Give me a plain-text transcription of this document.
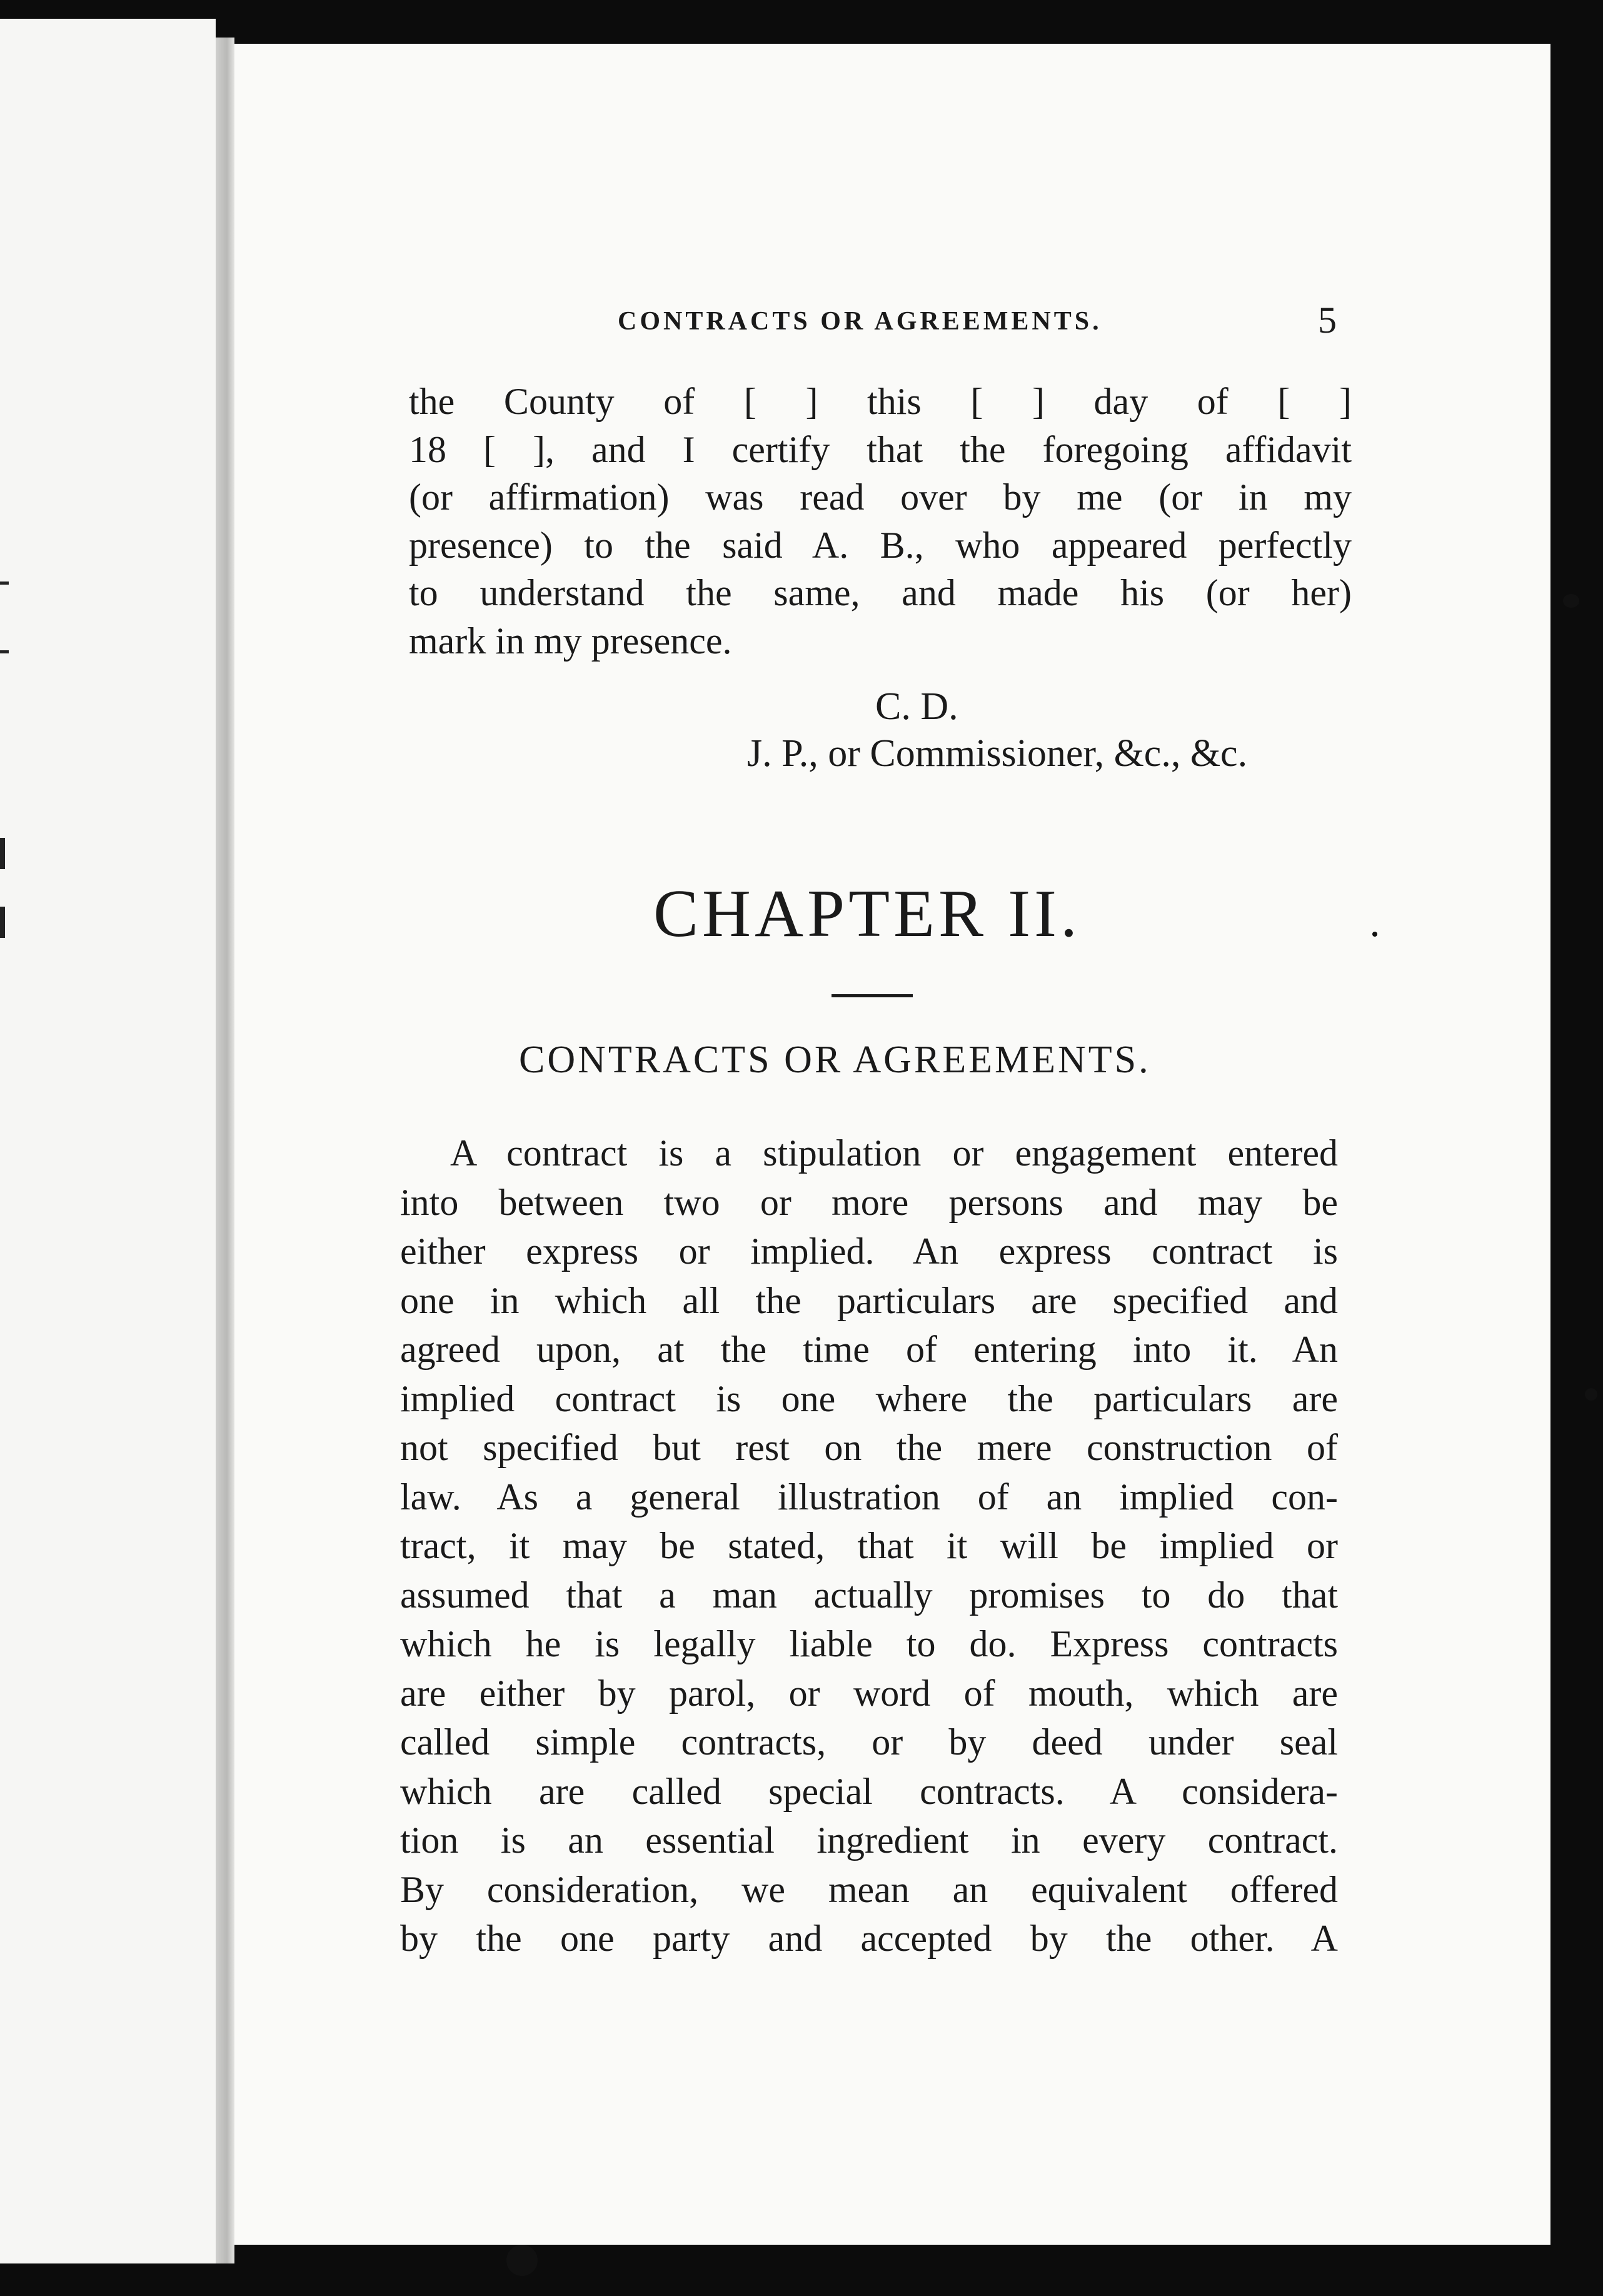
CONTRACTS OR AGREEMENTS.	5
the County of [ ] this [ ] day of [ ]
18 [ ], and I certify that the foregoing affidavit
(or affirmation) was read over by me (or in my
presence) to the said A. B., who appeared perfectly
to understand the same, and made his (or her)
mark in my presence.
C. D.
J. P., or Commissioner, &c., &c.
CHAPTER II.
CONTRACTS OR AGREEMENTS.
A contract is a stipulation or engagement entered
into between two or more persons and may be
either express or implied. An express contract is
one in which all the particulars are specified and
agreed upon, at the time of entering into it. An
implied contract is one where the particulars are
not specified but rest on the mere construction of
law. As a general illustration of an implied con-
tract, it may be stated, that it will be implied or
assumed that a man actually promises to do that
which he is legally liable to do. Express contracts
are either by parol, or word of mouth, which are
called simple contracts, or by deed under seal
which are called special contracts. A considera-
tion is an essential ingredient in every contract.
By consideration, we mean an equivalent offered
by the one party and accepted by the other. A
